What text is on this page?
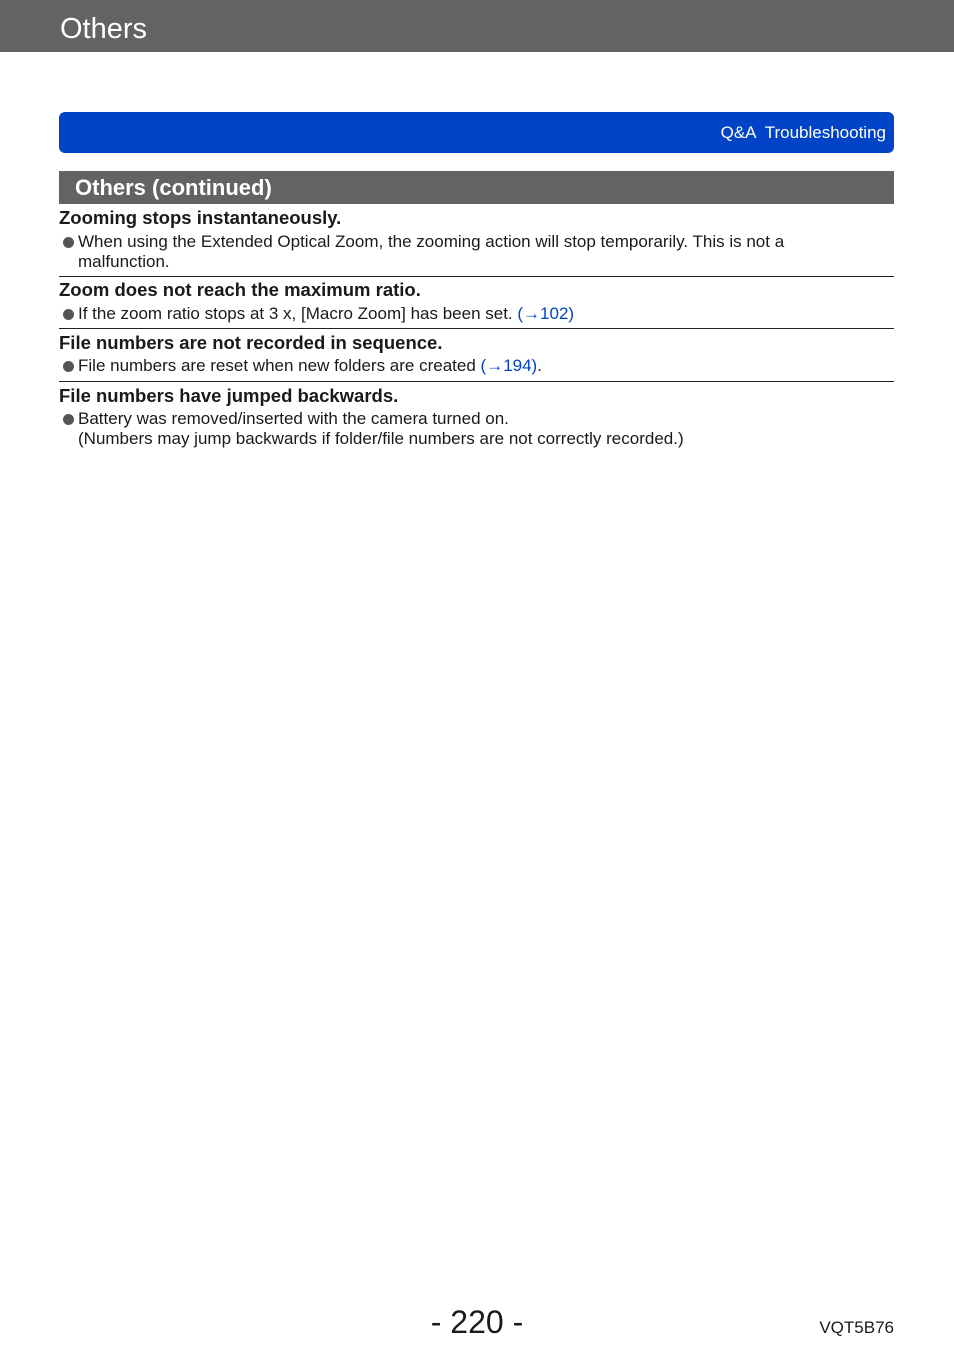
Others
Q&A  Troubleshooting
Others (continued)
Zooming stops instantaneously.
When using the Extended Optical Zoom, the zooming action will stop temporarily. This is not a
malfunction.
Zoom does not reach the maximum ratio.
If the zoom ratio stops at 3 x, [Macro Zoom] has been set. (→102)
File numbers are not recorded in sequence.
File numbers are reset when new folders are created (→194).
File numbers have jumped backwards.
Battery was removed/inserted with the camera turned on.
(Numbers may jump backwards if folder/file numbers are not correctly recorded.)
- 220 -	VQT5B76
